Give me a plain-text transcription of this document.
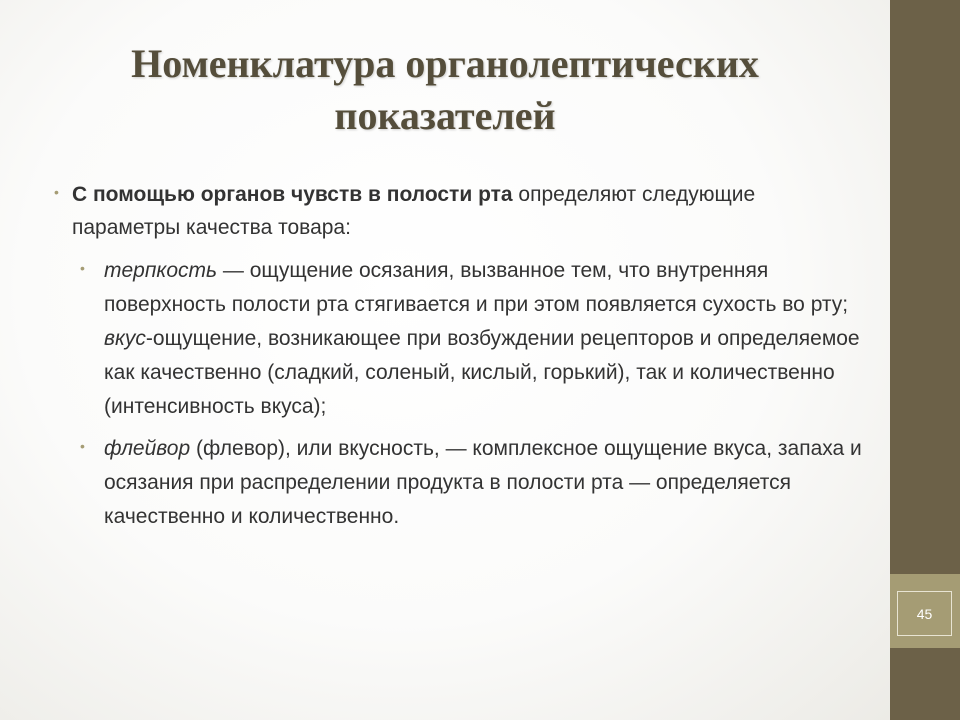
45
Номенклатура органолептических показателей
• С помощью органов чувств в полости рта определяют следующие параметры качества товара:
• терпкость — ощущение осязания, вызванное тем, что внутренняя поверхность полости рта стягивается и при этом появляется сухость во рту; вкус-ощущение, возникающее при возбуждении рецепторов и определяемое как качественно (сладкий, соленый, кислый, горький), так и количественно (интенсивность вкуса);
• флейвор (флевор), или вкусность, — комплексное ощущение вкуса, запаха и осязания при распределении продукта в полости рта — определяется качественно и количественно.
